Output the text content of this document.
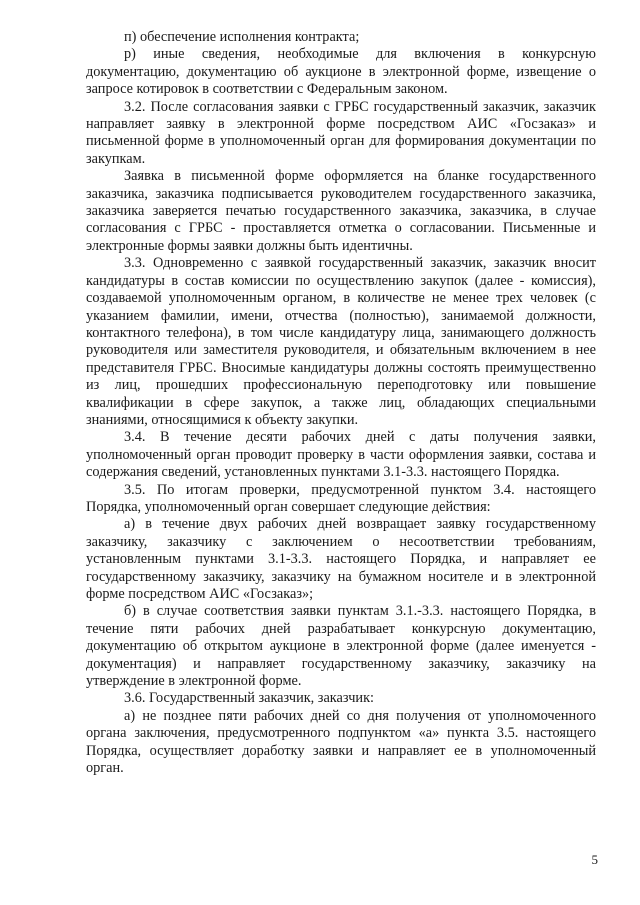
п) обеспечение исполнения контракта;

р) иные сведения, необходимые для включения в конкурсную документацию, документацию об аукционе в электронной форме, извещение о запросе котировок в соответствии с Федеральным законом.

3.2. После согласования заявки с ГРБС государственный заказчик, заказчик направляет заявку в электронной форме посредством АИС «Госзаказ» и письменной форме в уполномоченный орган для формирования документации по закупкам.

Заявка в письменной форме оформляется на бланке государственного заказчика, заказчика подписывается руководителем государственного заказчика, заказчика заверяется печатью государственного заказчика, заказчика, в случае согласования с ГРБС - проставляется отметка о согласовании. Письменные и электронные формы заявки должны быть идентичны.

3.3. Одновременно с заявкой государственный заказчик, заказчик вносит кандидатуры в состав комиссии по осуществлению закупок (далее - комиссия), создаваемой уполномоченным органом, в количестве не менее трех человек (с указанием фамилии, имени, отчества (полностью), занимаемой должности, контактного телефона), в том числе кандидатуру лица, занимающего должность руководителя или заместителя руководителя, и обязательным включением в нее представителя ГРБС. Вносимые кандидатуры должны состоять преимущественно из лиц, прошедших профессиональную переподготовку или повышение квалификации в сфере закупок, а также лиц, обладающих специальными знаниями, относящимися к объекту закупки.

3.4. В течение десяти рабочих дней с даты получения заявки, уполномоченный орган проводит проверку в части оформления заявки, состава и содержания сведений, установленных пунктами 3.1-3.3. настоящего Порядка.

3.5. По итогам проверки, предусмотренной пунктом 3.4. настоящего Порядка, уполномоченный орган совершает следующие действия:

а) в течение двух рабочих дней возвращает заявку государственному заказчику, заказчику с заключением о несоответствии требованиям, установленным пунктами 3.1-3.3. настоящего Порядка, и направляет ее государственному заказчику, заказчику на бумажном носителе и в электронной форме посредством АИС «Госзаказ»;

б) в случае соответствия заявки пунктам 3.1.-3.3. настоящего Порядка, в течение пяти рабочих дней разрабатывает конкурсную документацию, документацию об открытом аукционе в электронной форме (далее именуется - документация) и направляет государственному заказчику, заказчику на утверждение в электронной форме.

3.6. Государственный заказчик, заказчик:

а) не позднее пяти рабочих дней со дня получения от уполномоченного органа заключения, предусмотренного подпунктом «а» пункта 3.5. настоящего Порядка, осуществляет доработку заявки и направляет ее в уполномоченный орган.

5
